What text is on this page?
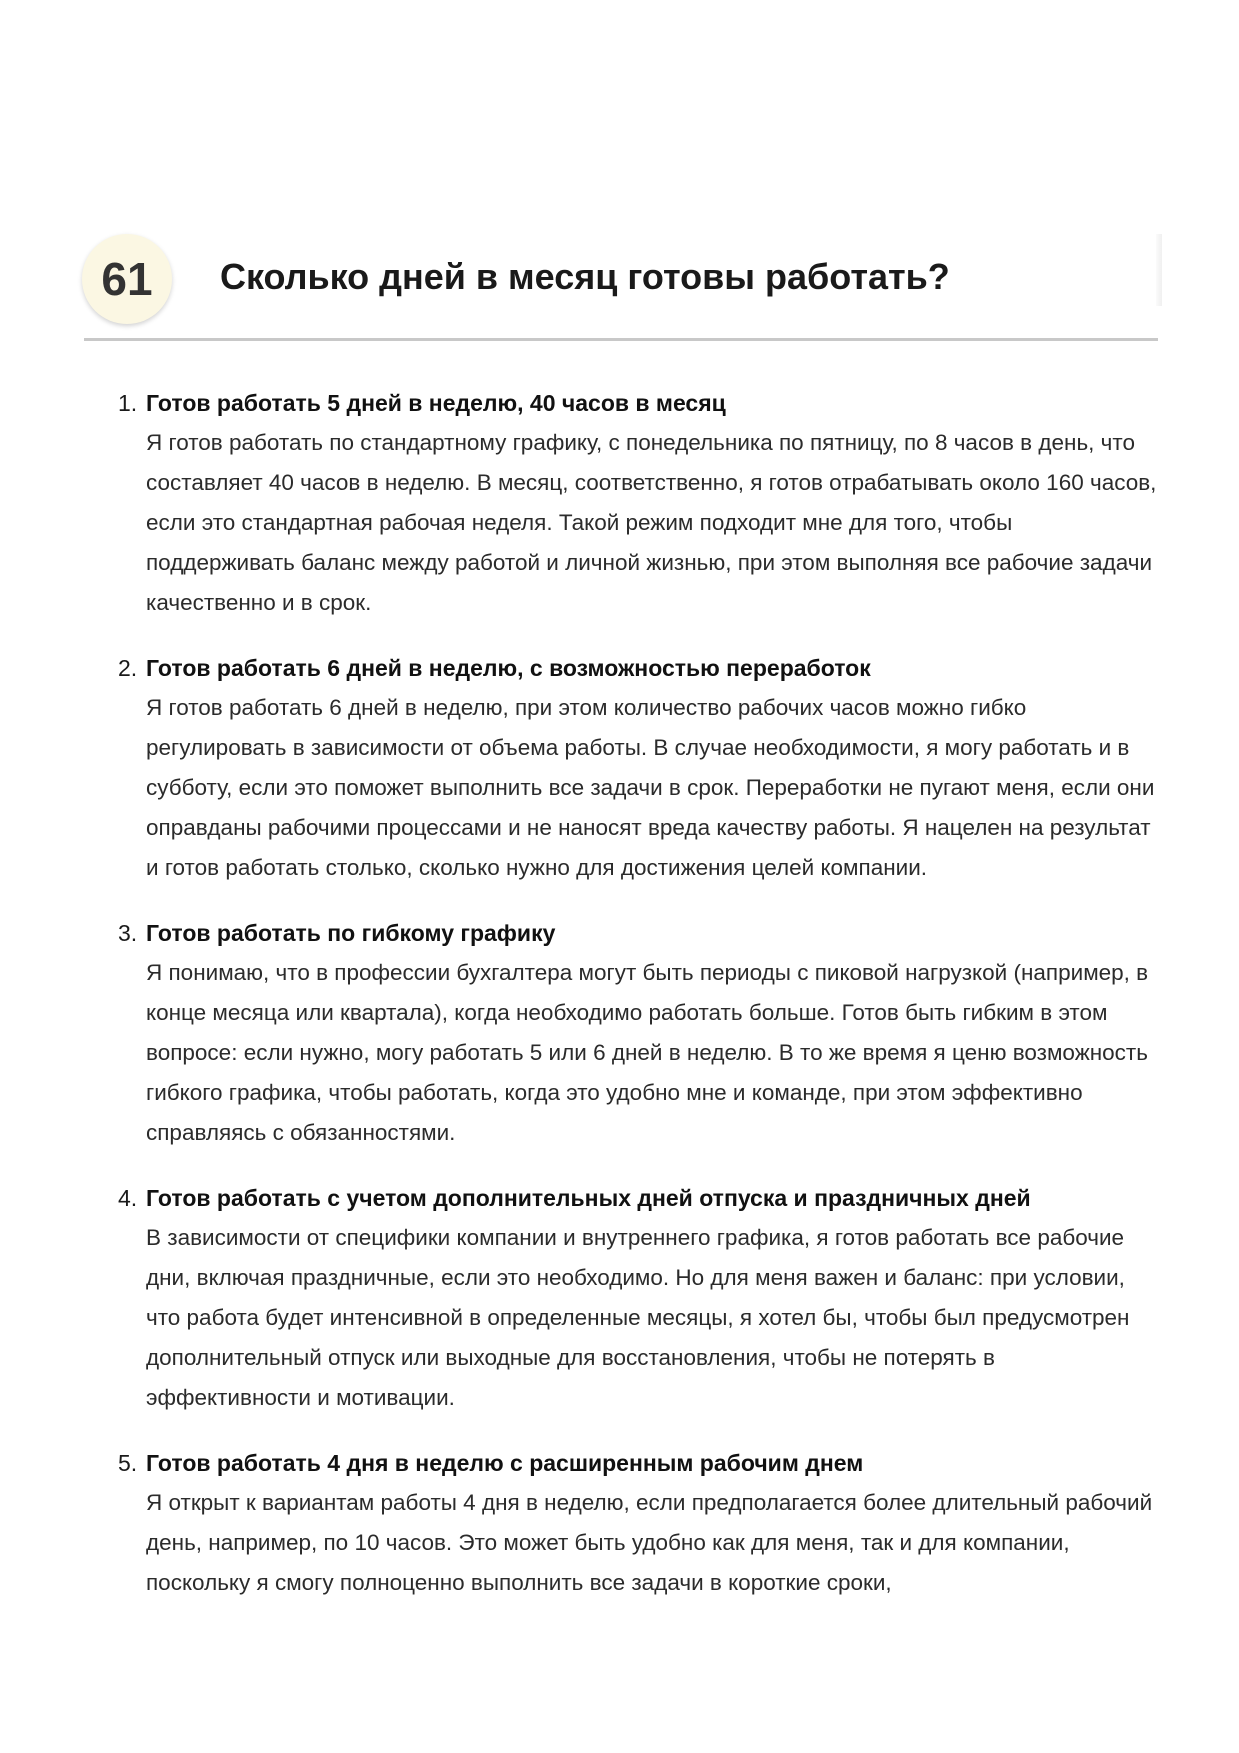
61	Сколько дней в месяц готовы работать?
1. Готов работать 5 дней в неделю, 40 часов в месяц

Я готов работать по стандартному графику, с понедельника по пятницу, по 8 часов в день, что составляет 40 часов в неделю. В месяц, соответственно, я готов отрабатывать около 160 часов, если это стандартная рабочая неделя. Такой режим подходит мне для того, чтобы поддерживать баланс между работой и личной жизнью, при этом выполняя все рабочие задачи качественно и в срок.

2. Готов работать 6 дней в неделю, с возможностью переработок

Я готов работать 6 дней в неделю, при этом количество рабочих часов можно гибко регулировать в зависимости от объема работы. В случае необходимости, я могу работать и в субботу, если это поможет выполнить все задачи в срок. Переработки не пугают меня, если они оправданы рабочими процессами и не наносят вреда качеству работы. Я нацелен на результат и готов работать столько, сколько нужно для достижения целей компании.

3. Готов работать по гибкому графику

Я понимаю, что в профессии бухгалтера могут быть периоды с пиковой нагрузкой (например, в конце месяца или квартала), когда необходимо работать больше. Готов быть гибким в этом вопросе: если нужно, могу работать 5 или 6 дней в неделю. В то же время я ценю возможность гибкого графика, чтобы работать, когда это удобно мне и команде, при этом эффективно справляясь с обязанностями.

4. Готов работать с учетом дополнительных дней отпуска и праздничных дней

В зависимости от специфики компании и внутреннего графика, я готов работать все рабочие дни, включая праздничные, если это необходимо. Но для меня важен и баланс: при условии, что работа будет интенсивной в определенные месяцы, я хотел бы, чтобы был предусмотрен дополнительный отпуск или выходные для восстановления, чтобы не потерять в эффективности и мотивации.

5. Готов работать 4 дня в неделю с расширенным рабочим днем

Я открыт к вариантам работы 4 дня в неделю, если предполагается более длительный рабочий день, например, по 10 часов. Это может быть удобно как для меня, так и для компании, поскольку я смогу полноценно выполнить все задачи в короткие сроки,
